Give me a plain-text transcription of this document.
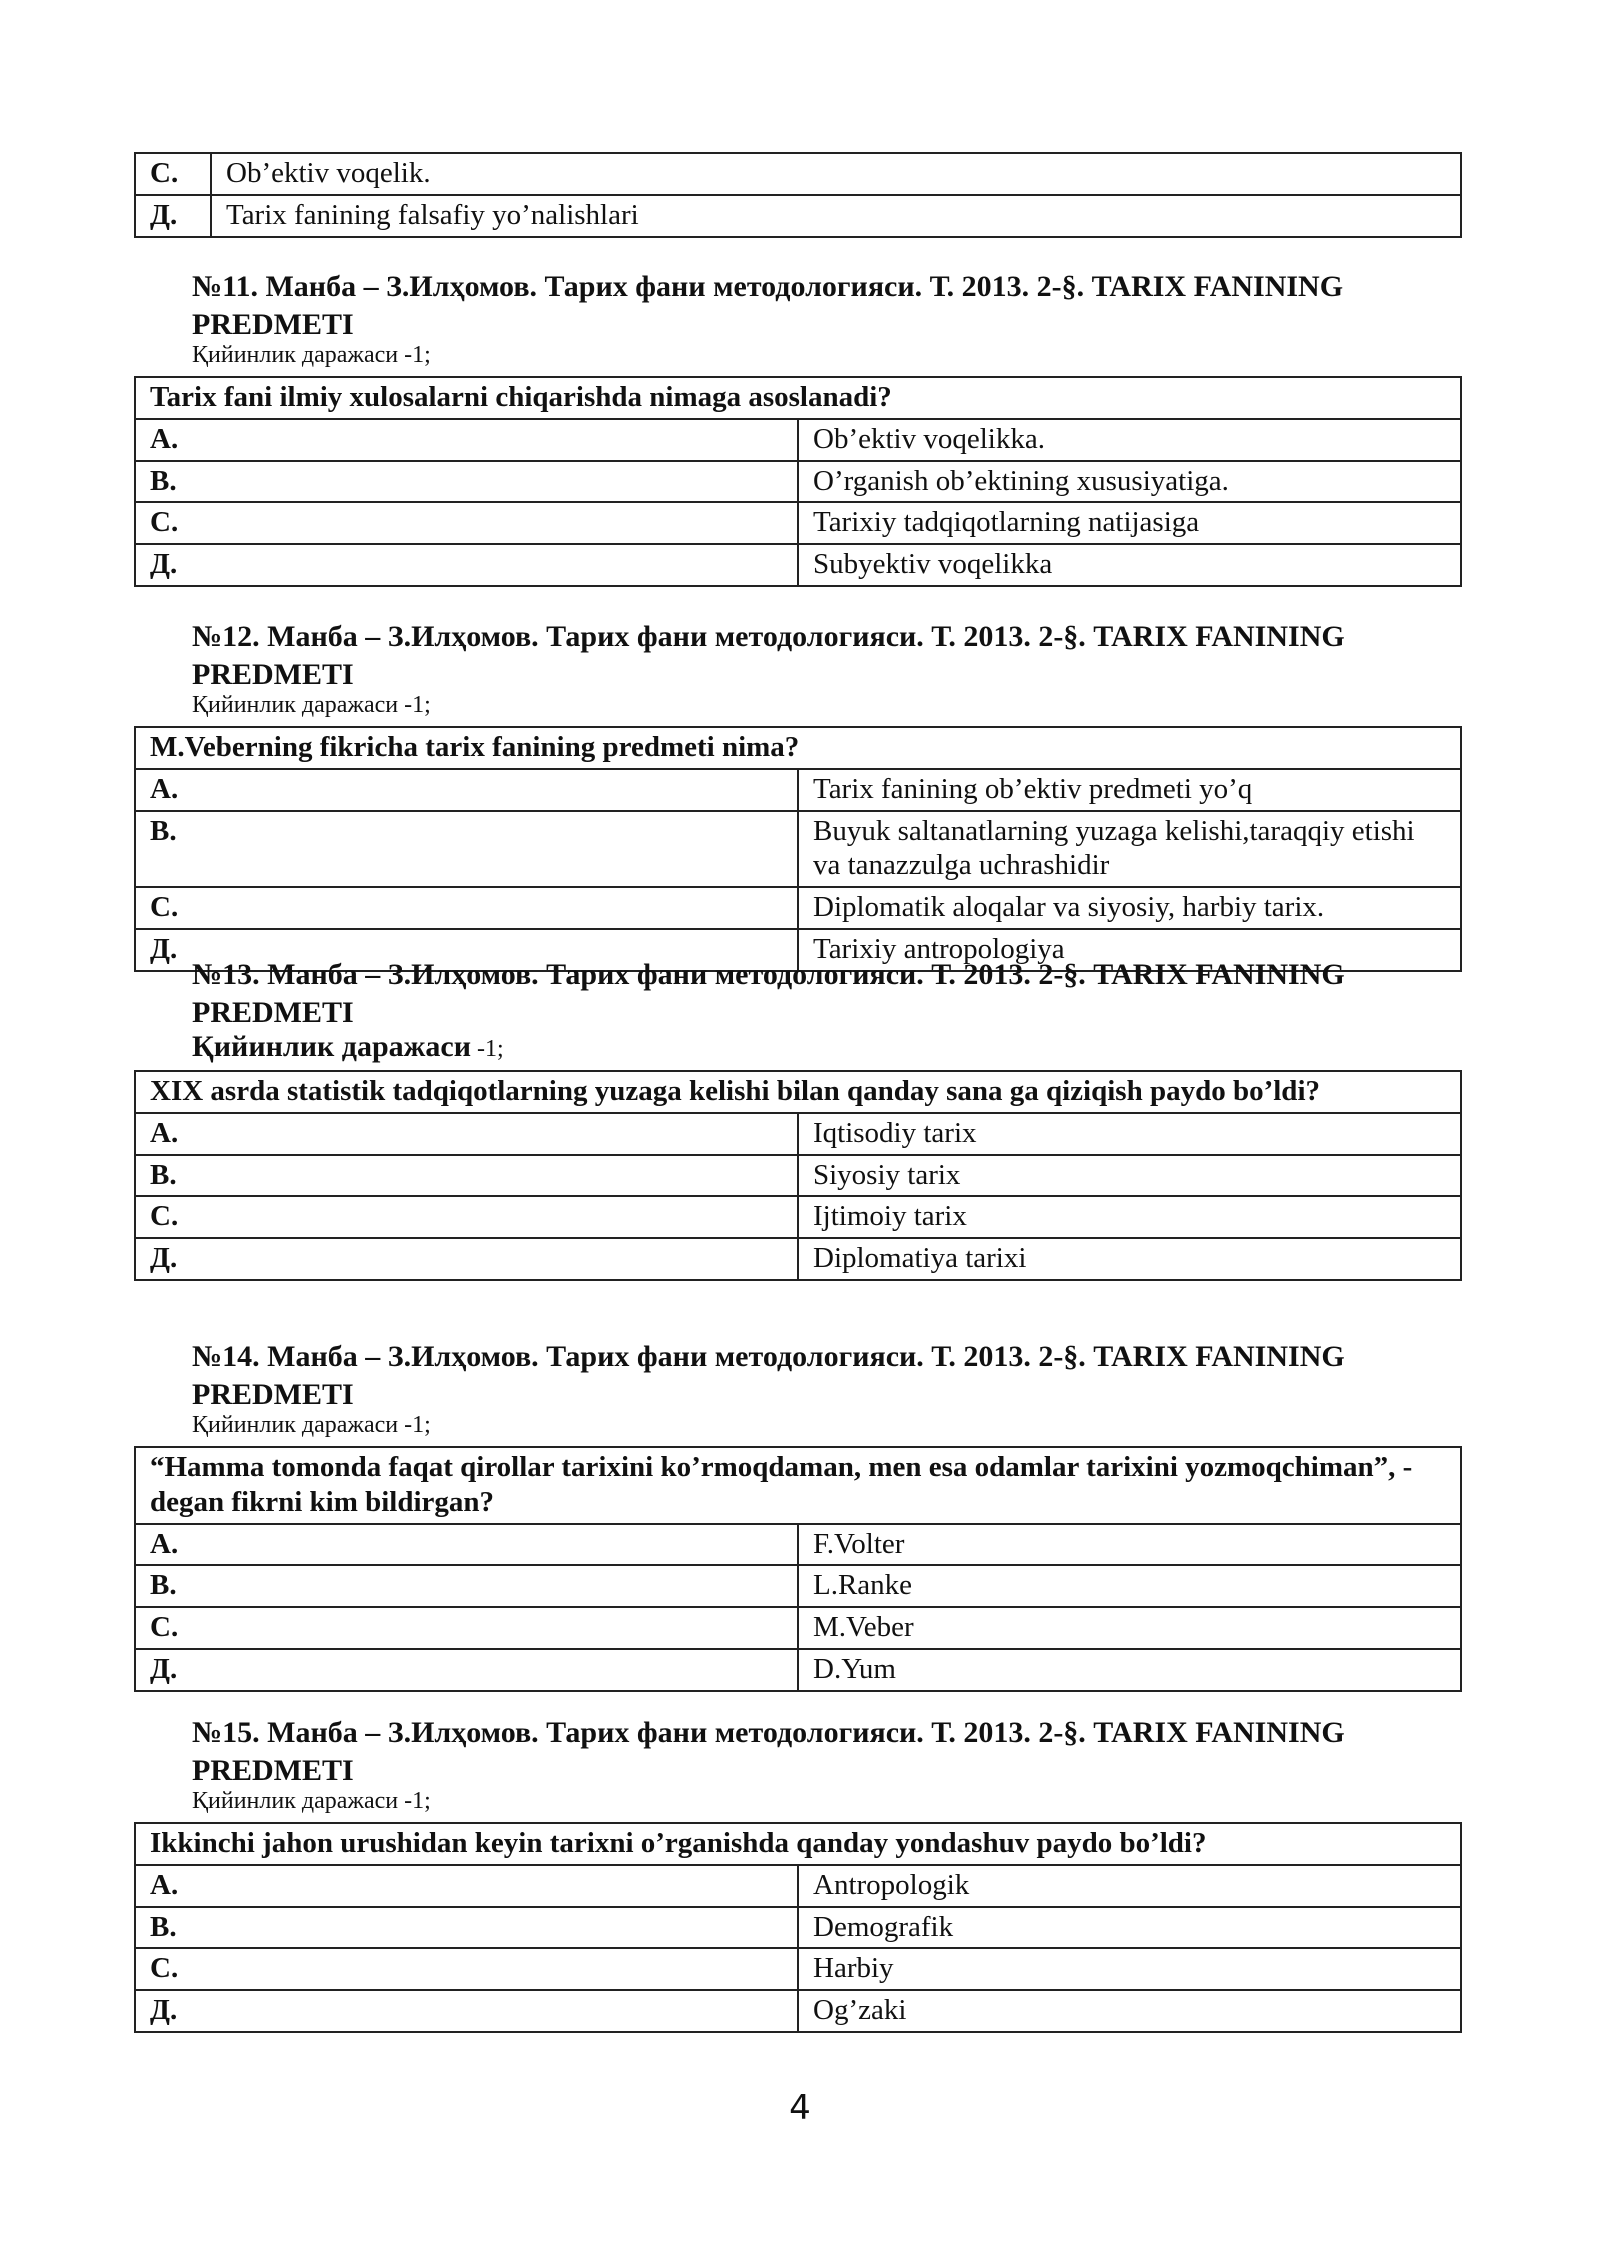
C.	Ob’ektiv voqelik.
Д.	Tarix fanining falsafiy yo’nalishlari
№11. Манба – З.Илҳомов. Тарих фани методологияси. Т. 2013. 2-§. TARIX FANINING PREDMETI
Қийинлик даражаси -1;
Tarix fani ilmiy xulosalarni chiqarishda nimaga asoslanadi?	
A.	Ob’ektiv voqelikka.
B.	O’rganish ob’ektining xususiyatiga.
C.	Tarixiy tadqiqotlarning natijasiga
Д.	Subyektiv voqelikka
№12. Манба – З.Илҳомов. Тарих фани методологияси. Т. 2013. 2-§. TARIX FANINING PREDMETI
Қийинлик даражаси -1;
M.Veberning fikricha tarix fanining predmeti nima?	
A.	Tarix fanining ob’ektiv predmeti yo’q
B.	Buyuk saltanatlarning yuzaga kelishi,taraqqiy etishi va tanazzulga uchrashidir
C.	Diplomatik aloqalar va siyosiy, harbiy tarix.
Д.	Tarixiy antropologiya
№13. Манба – З.Илҳомов. Тарих фани методологияси. Т. 2013. 2-§. TARIX FANINING PREDMETI
Қийинлик даражаси -1;
XIX asrda statistik tadqiqotlarning yuzaga kelishi bilan qanday sana ga qiziqish paydo bo’ldi?	
A.	Iqtisodiy tarix
B.	Siyosiy tarix
C.	Ijtimoiy tarix
Д.	Diplomatiya tarixi
№14. Манба – З.Илҳомов. Тарих фани методологияси. Т. 2013. 2-§. TARIX FANINING PREDMETI
Қийинлик даражаси -1;
“Hamma tomonda faqat qirollar tarixini ko’rmoqdaman, men esa odamlar tarixini yozmoqchiman”, - degan fikrni kim bildirgan?	
A.	F.Volter
B.	L.Ranke
C.	M.Veber
Д.	D.Yum
№15. Манба – З.Илҳомов. Тарих фани методологияси. Т. 2013. 2-§. TARIX FANINING PREDMETI
Қийинлик даражаси -1;
Ikkinchi jahon urushidan keyin tarixni o’rganishda qanday yondashuv paydo bo’ldi?	
A.	Antropologik
B.	Demografik
C.	Harbiy
Д.	Og’zaki
4
